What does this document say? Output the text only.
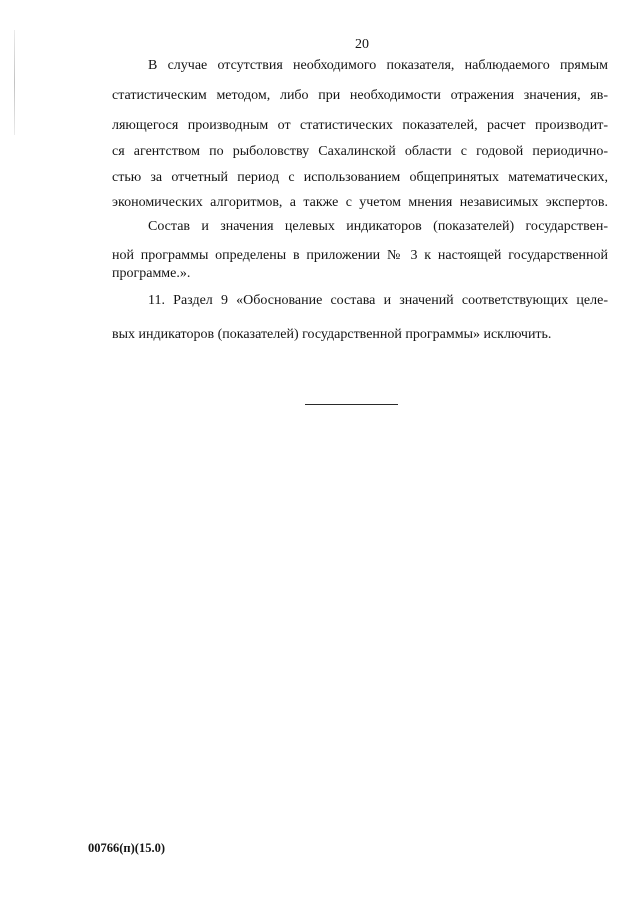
20
В случае отсутствия необходимого показателя, наблюдаемого прямым
статистическим методом, либо при необходимости отражения значения, яв-
ляющегося производным от статистических показателей, расчет производит-
ся агентством по рыболовству Сахалинской области с годовой периодично-
стью за отчетный период с использованием общепринятых математических,
экономических алгоритмов, а также с учетом мнения независимых экспертов.
Состав и значения целевых индикаторов (показателей) государствен-
ной программы определены в приложении № 3 к настоящей государственной
программе.».
11. Раздел 9 «Обоснование состава и значений соответствующих целе-
вых индикаторов (показателей) государственной программы» исключить.
00766(п)(15.0)
